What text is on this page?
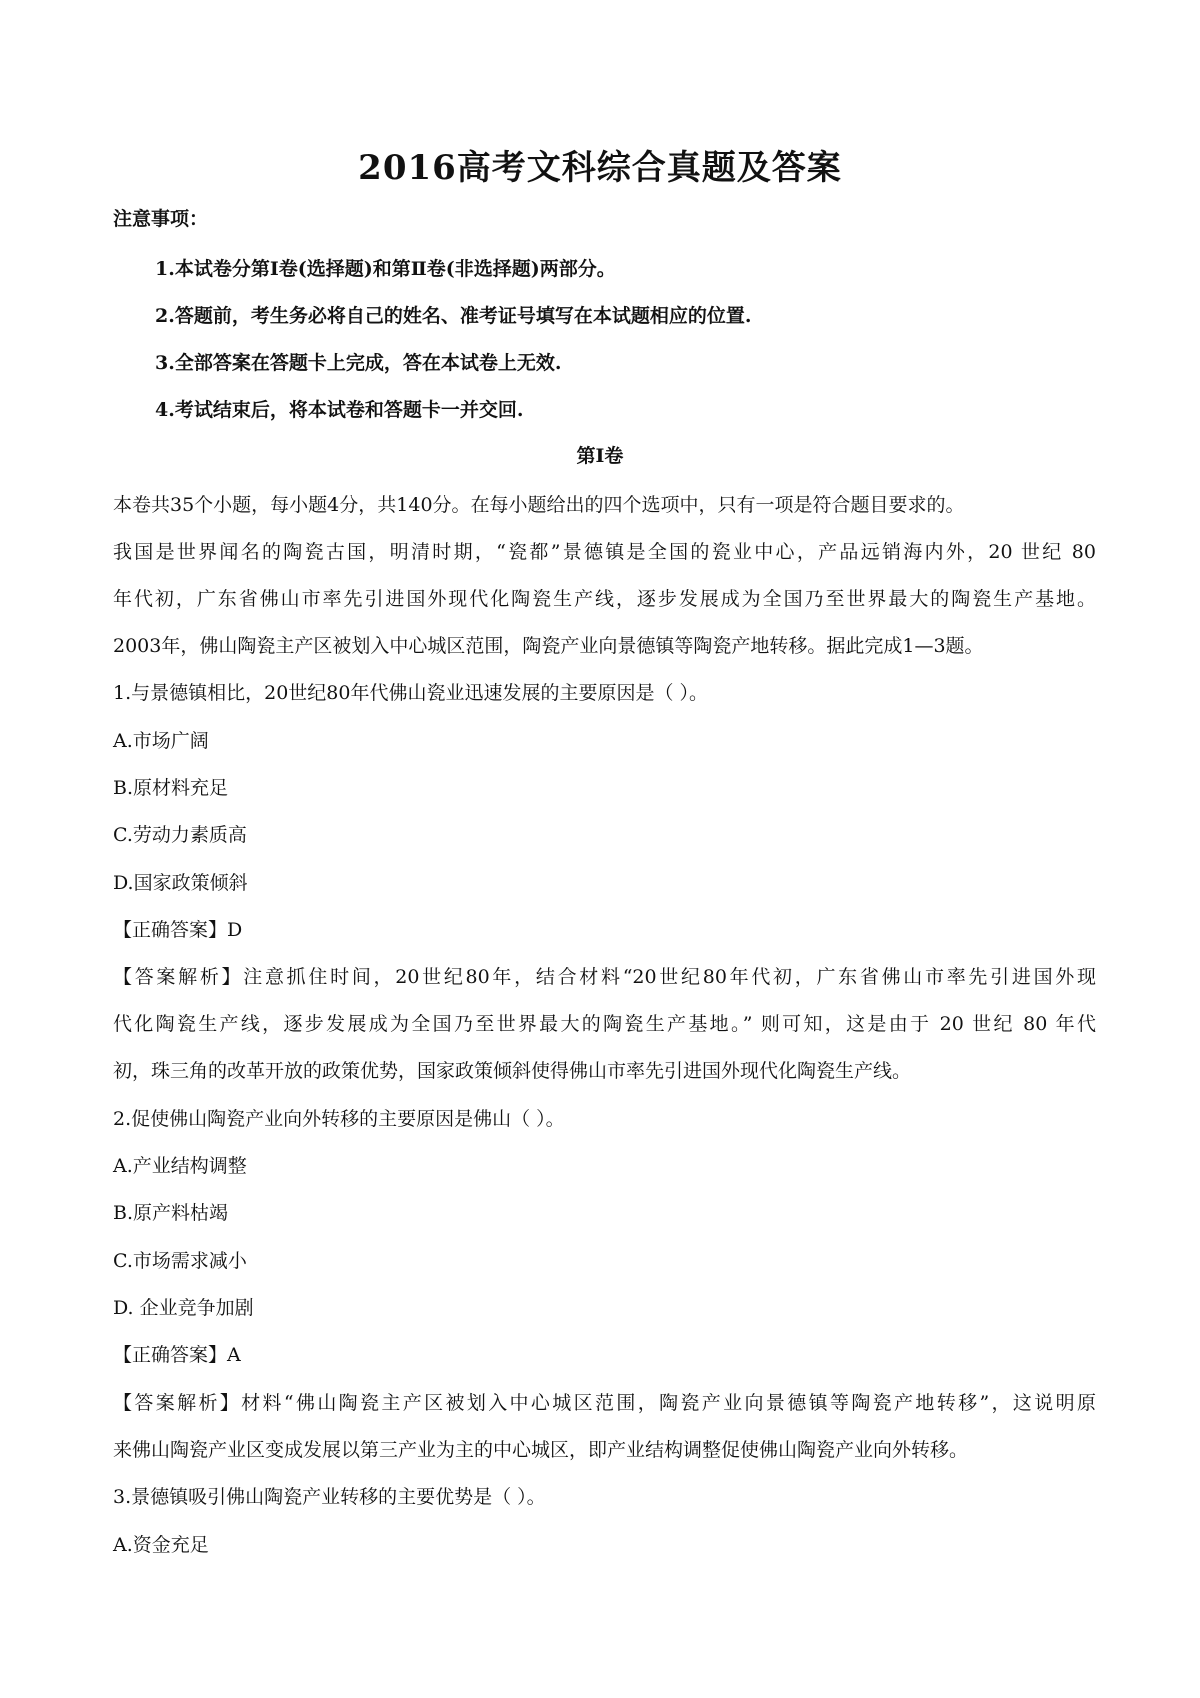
2016高考文科综合真题及答案
注意事项：
1.本试卷分第Ⅰ卷(选择题)和第Ⅱ卷(非选择题)两部分。
2.答题前，考生务必将自己的姓名、准考证号填写在本试题相应的位置.
3.全部答案在答题卡上完成，答在本试卷上无效.
4.考试结束后，将本试卷和答题卡一并交回.
第Ⅰ卷
本卷共35个小题，每小题4分，共140分。在每小题给出的四个选项中，只有一项是符合题目要求的。
我国是世界闻名的陶瓷古国，明清时期，“瓷都”景德镇是全国的瓷业中心，产品远销海内外，20 世纪 80
年代初，广东省佛山市率先引进国外现代化陶瓷生产线，逐步发展成为全国乃至世界最大的陶瓷生产基地。
2003年，佛山陶瓷主产区被划入中心城区范围，陶瓷产业向景德镇等陶瓷产地转移。据此完成1—3题。
1.与景德镇相比，20世纪80年代佛山瓷业迅速发展的主要原因是（ ）。
A.市场广阔
B.原材料充足
C.劳动力素质高
D.国家政策倾斜
【正确答案】D
【答案解析】注意抓住时间，20世纪80年，结合材料“20世纪80年代初，广东省佛山市率先引进国外现
代化陶瓷生产线，逐步发展成为全国乃至世界最大的陶瓷生产基地。” 则可知，这是由于 20 世纪 80 年代
初，珠三角的改革开放的政策优势，国家政策倾斜使得佛山市率先引进国外现代化陶瓷生产线。
2.促使佛山陶瓷产业向外转移的主要原因是佛山（ ）。
A.产业结构调整
B.原产料枯竭
C.市场需求减小
D. 企业竞争加剧
【正确答案】A
【答案解析】材料“佛山陶瓷主产区被划入中心城区范围，陶瓷产业向景德镇等陶瓷产地转移”，这说明原
来佛山陶瓷产业区变成发展以第三产业为主的中心城区，即产业结构调整促使佛山陶瓷产业向外转移。
3.景德镇吸引佛山陶瓷产业转移的主要优势是（ ）。
A.资金充足
